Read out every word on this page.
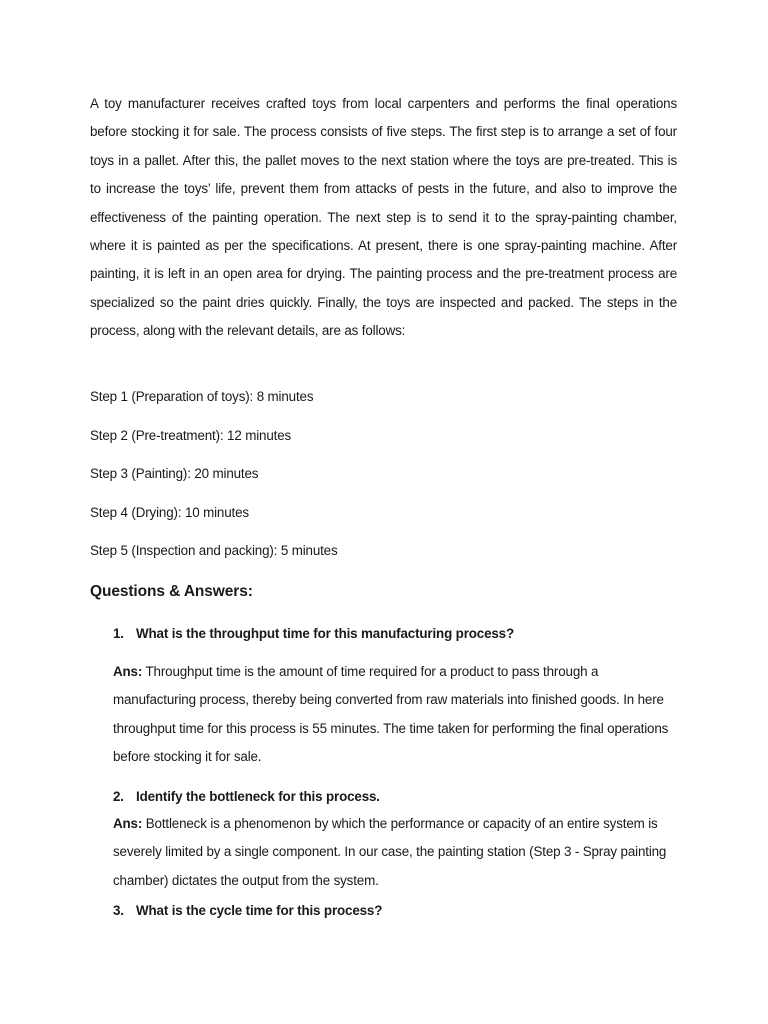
A toy manufacturer receives crafted toys from local carpenters and performs the final operations before stocking it for sale. The process consists of five steps. The first step is to arrange a set of four toys in a pallet. After this, the pallet moves to the next station where the toys are pre-treated. This is to increase the toys’ life, prevent them from attacks of pests in the future, and also to improve the effectiveness of the painting operation. The next step is to send it to the spray-painting chamber, where it is painted as per the specifications. At present, there is one spray-painting machine. After painting, it is left in an open area for drying. The painting process and the pre-treatment process are specialized so the paint dries quickly. Finally, the toys are inspected and packed. The steps in the process, along with the relevant details, are as follows:

Step 1 (Preparation of toys): 8 minutes

Step 2 (Pre-treatment): 12 minutes

Step 3 (Painting): 20 minutes

Step 4 (Drying): 10 minutes

Step 5 (Inspection and packing): 5 minutes

Questions & Answers:

1. What is the throughput time for this manufacturing process?

Ans: Throughput time is the amount of time required for a product to pass through a manufacturing process, thereby being converted from raw materials into finished goods. In here throughput time for this process is 55 minutes. The time taken for performing the final operations before stocking it for sale.

2. Identify the bottleneck for this process.

Ans: Bottleneck is a phenomenon by which the performance or capacity of an entire system is severely limited by a single component. In our case, the painting station (Step 3 - Spray painting chamber) dictates the output from the system.

3. What is the cycle time for this process?
